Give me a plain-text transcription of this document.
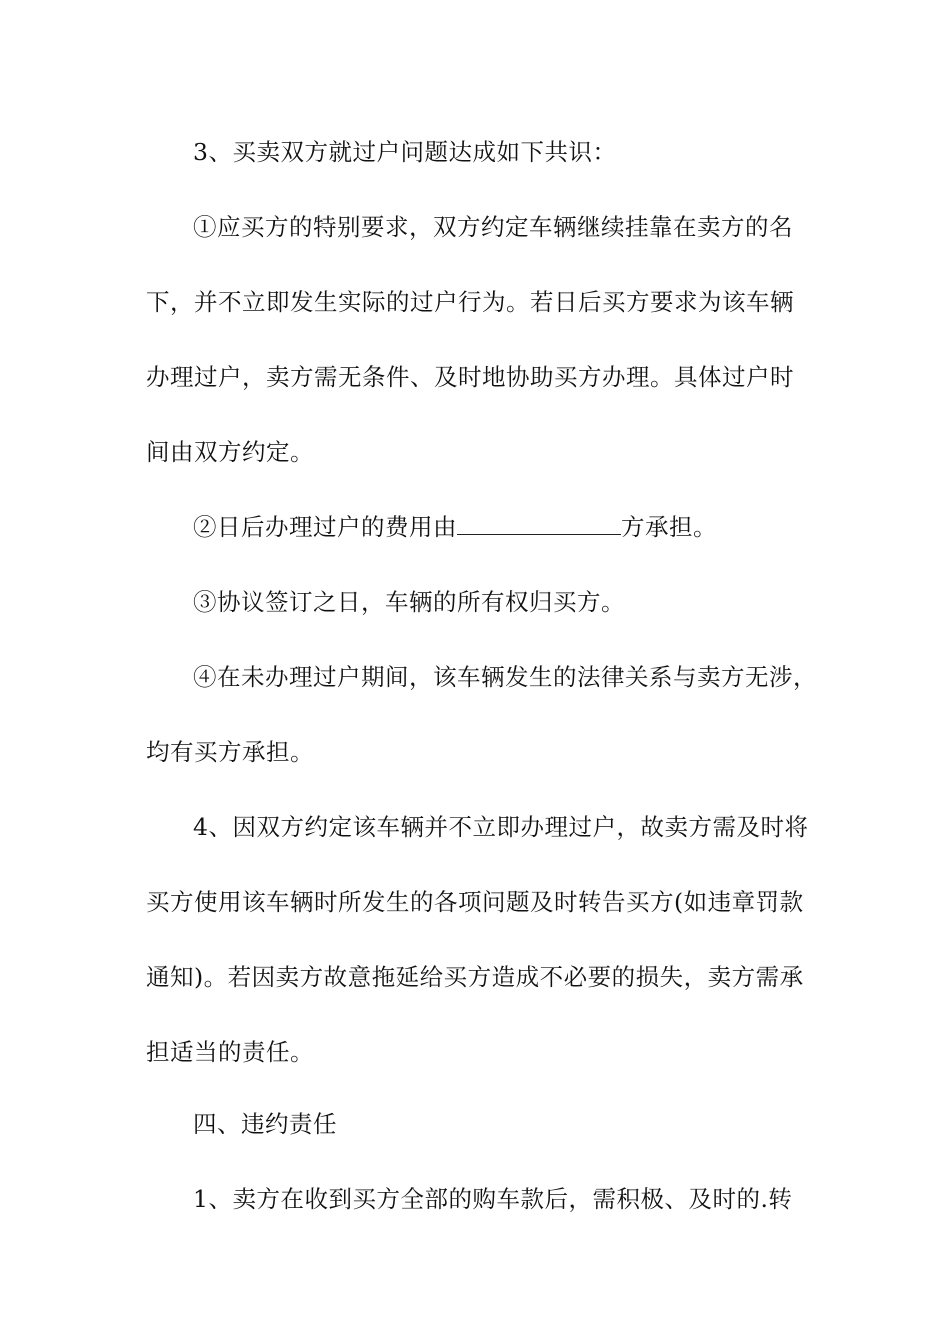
3、买卖双方就过户问题达成如下共识：

①应买方的特别要求，双方约定车辆继续挂靠在卖方的名

下，并不立即发生实际的过户行为。若日后买方要求为该车辆

办理过户，卖方需无条件、及时地协助买方办理。具体过户时

间由双方约定。

②日后办理过户的费用由	方承担。

③协议签订之日，车辆的所有权归买方。

④在未办理过户期间，该车辆发生的法律关系与卖方无涉，

均有买方承担。

4、因双方约定该车辆并不立即办理过户，故卖方需及时将

买方使用该车辆时所发生的各项问题及时转告买方(如违章罚款

通知)。若因卖方故意拖延给买方造成不必要的损失，卖方需承

担适当的责任。

四、违约责任

1、卖方在收到买方全部的购车款后，需积极、及时的.转
